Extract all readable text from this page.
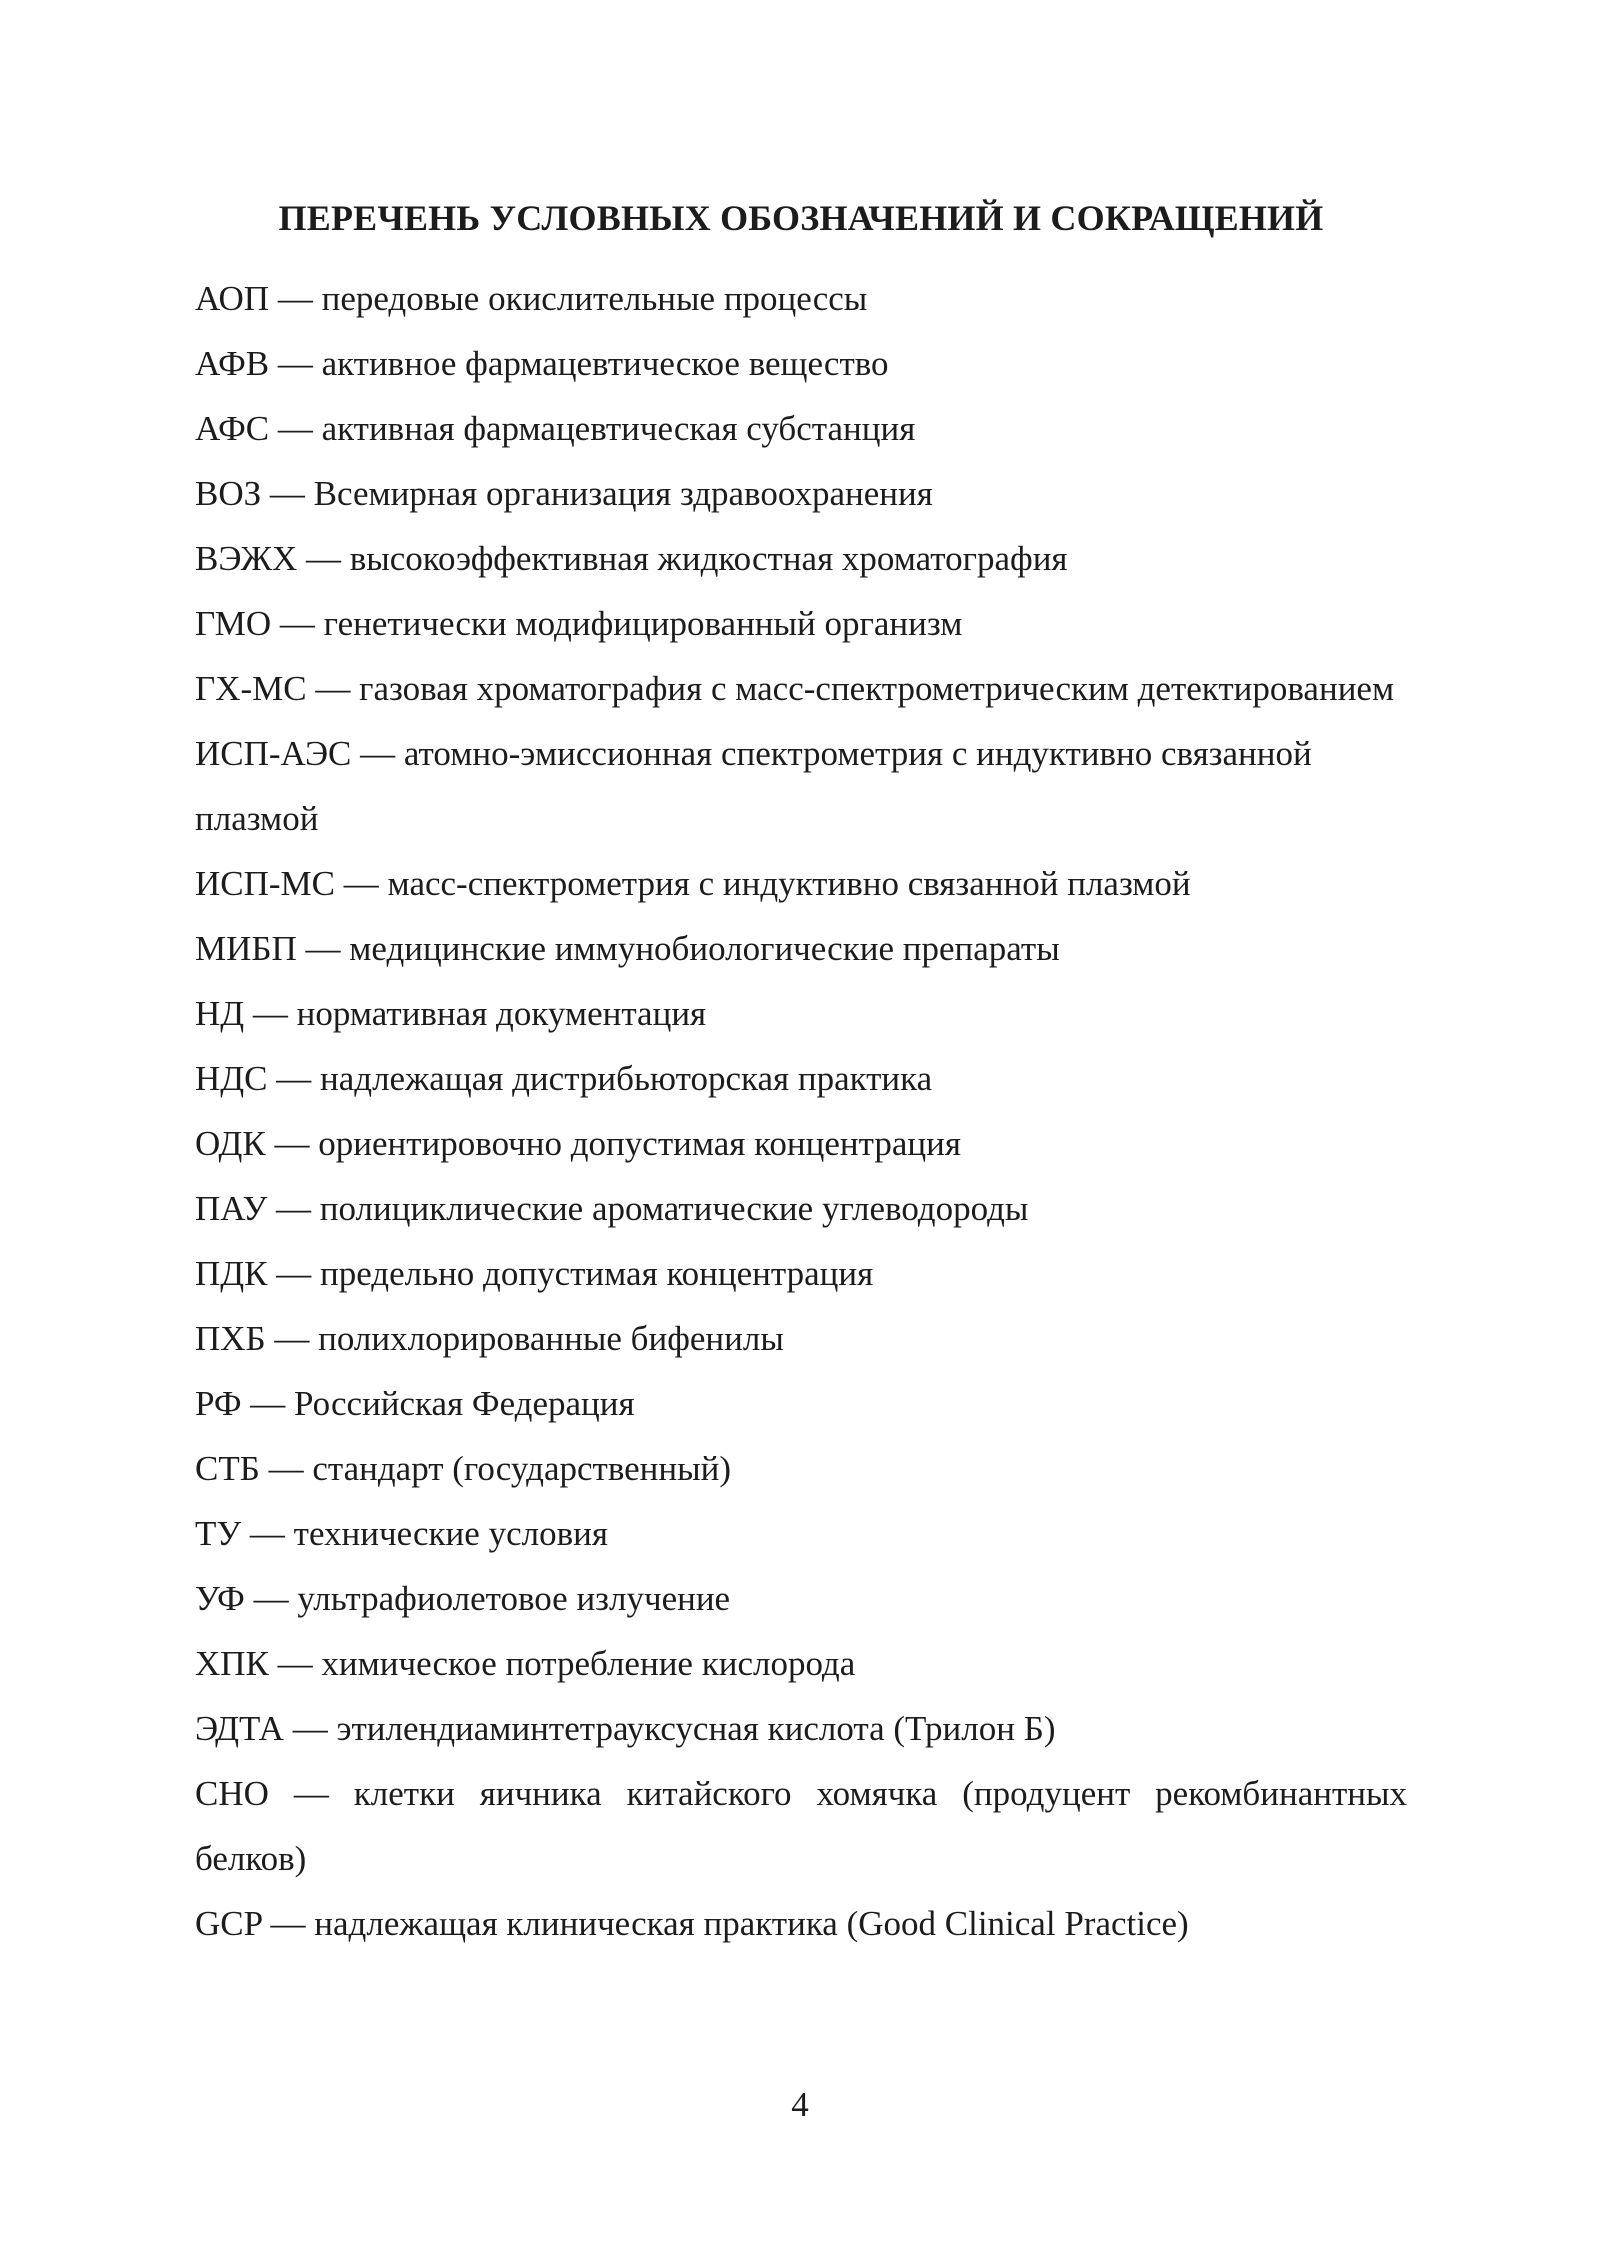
ПЕРЕЧЕНЬ УСЛОВНЫХ ОБОЗНАЧЕНИЙ И СОКРАЩЕНИЙ
АОП — передовые окислительные процессы
АФВ — активное фармацевтическое вещество
АФС — активная фармацевтическая субстанция
ВОЗ — Всемирная организация здравоохранения
ВЭЖХ — высокоэффективная жидкостная хроматография
ГМО — генетически модифицированный организм
ГХ-МС — газовая хроматография с масс-спектрометрическим детектированием
ИСП-АЭС — атомно-эмиссионная спектрометрия с индуктивно связанной плазмой
ИСП-МС — масс-спектрометрия с индуктивно связанной плазмой
МИБП — медицинские иммунобиологические препараты
НД — нормативная документация
НДС — надлежащая дистрибьюторская практика
ОДК — ориентировочно допустимая концентрация
ПАУ — полициклические ароматические углеводороды
ПДК — предельно допустимая концентрация
ПХБ — полихлорированные бифенилы
РФ — Российская Федерация
СТБ — стандарт (государственный)
ТУ — технические условия
УФ — ультрафиолетовое излучение
ХПК — химическое потребление кислорода
ЭДТА — этилендиаминтетрауксусная кислота (Трилон Б)
CHO — клетки яичника китайского хомячка (продуцент рекомбинантных белков)
GCP — надлежащая клиническая практика (Good Clinical Practice)
4
